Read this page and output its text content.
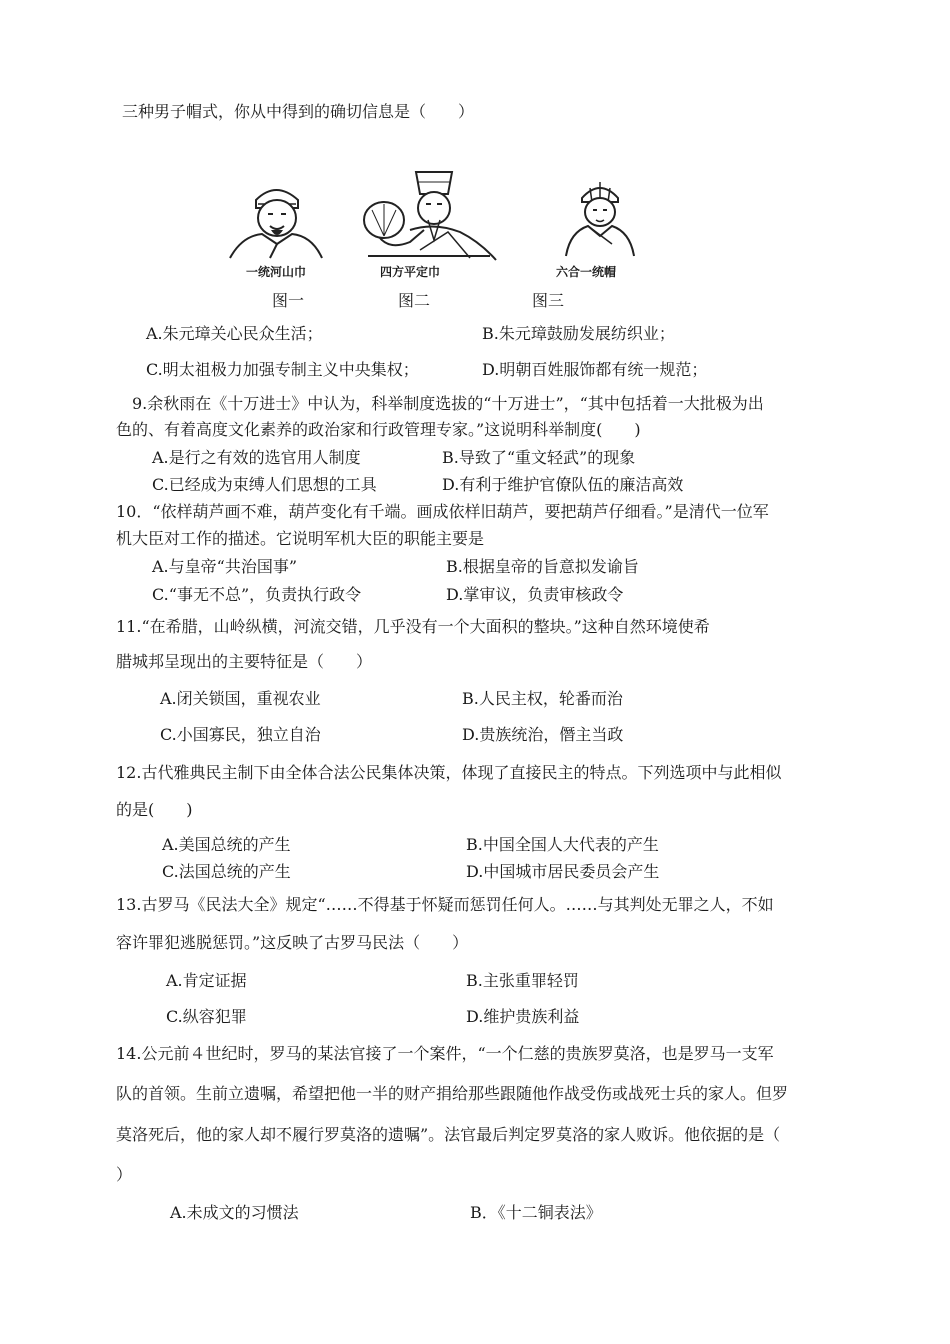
三种男子帽式，你从中得到的确切信息是（　　）
一统河山巾
图一
四方平定巾
图二
六合一统帽
图三
A.朱元璋关心民众生活；	B.朱元璋鼓励发展纺织业；
C.明太祖极力加强专制主义中央集权；	D.明朝百姓服饰都有统一规范；
9.余秋雨在《十万进士》中认为，科举制度选拔的“十万进士”，“其中包括着一大批极为出
色的、有着高度文化素养的政治家和行政管理专家。”这说明科举制度(　　)
A.是行之有效的选官用人制度	B.导致了“重文轻武”的现象
C.已经成为束缚人们思想的工具	D.有利于维护官僚队伍的廉洁高效
10．“依样葫芦画不难，葫芦变化有千端。画成依样旧葫芦，要把葫芦仔细看。”是清代一位军
机大臣对工作的描述。它说明军机大臣的职能主要是
A.与皇帝“共治国事”	B.根据皇帝的旨意拟发谕旨
C.“事无不总”，负责执行政令	D.掌审议，负责审核政令
11.“在希腊，山岭纵横，河流交错，几乎没有一个大面积的整块。”这种自然环境使希
腊城邦呈现出的主要特征是（　　）
A.闭关锁国，重视农业	B.人民主权，轮番而治
C.小国寡民，独立自治	D.贵族统治，僭主当政
12.古代雅典民主制下由全体合法公民集体决策，体现了直接民主的特点。下列选项中与此相似
的是(　　)
A.美国总统的产生	B.中国全国人大代表的产生
C.法国总统的产生	D.中国城市居民委员会产生
13.古罗马《民法大全》规定“……不得基于怀疑而惩罚任何人。……与其判处无罪之人，不如
容许罪犯逃脱惩罚。”这反映了古罗马民法（　　）
A.肯定证据	B.主张重罪轻罚
C.纵容犯罪	D.维护贵族利益
14.公元前４世纪时，罗马的某法官接了一个案件，“一个仁慈的贵族罗莫洛，也是罗马一支军
队的首领。生前立遗嘱，希望把他一半的财产捐给那些跟随他作战受伤或战死士兵的家人。但罗
莫洛死后，他的家人却不履行罗莫洛的遗嘱”。法官最后判定罗莫洛的家人败诉。他依据的是（
）
A.未成文的习惯法	B．《十二铜表法》
